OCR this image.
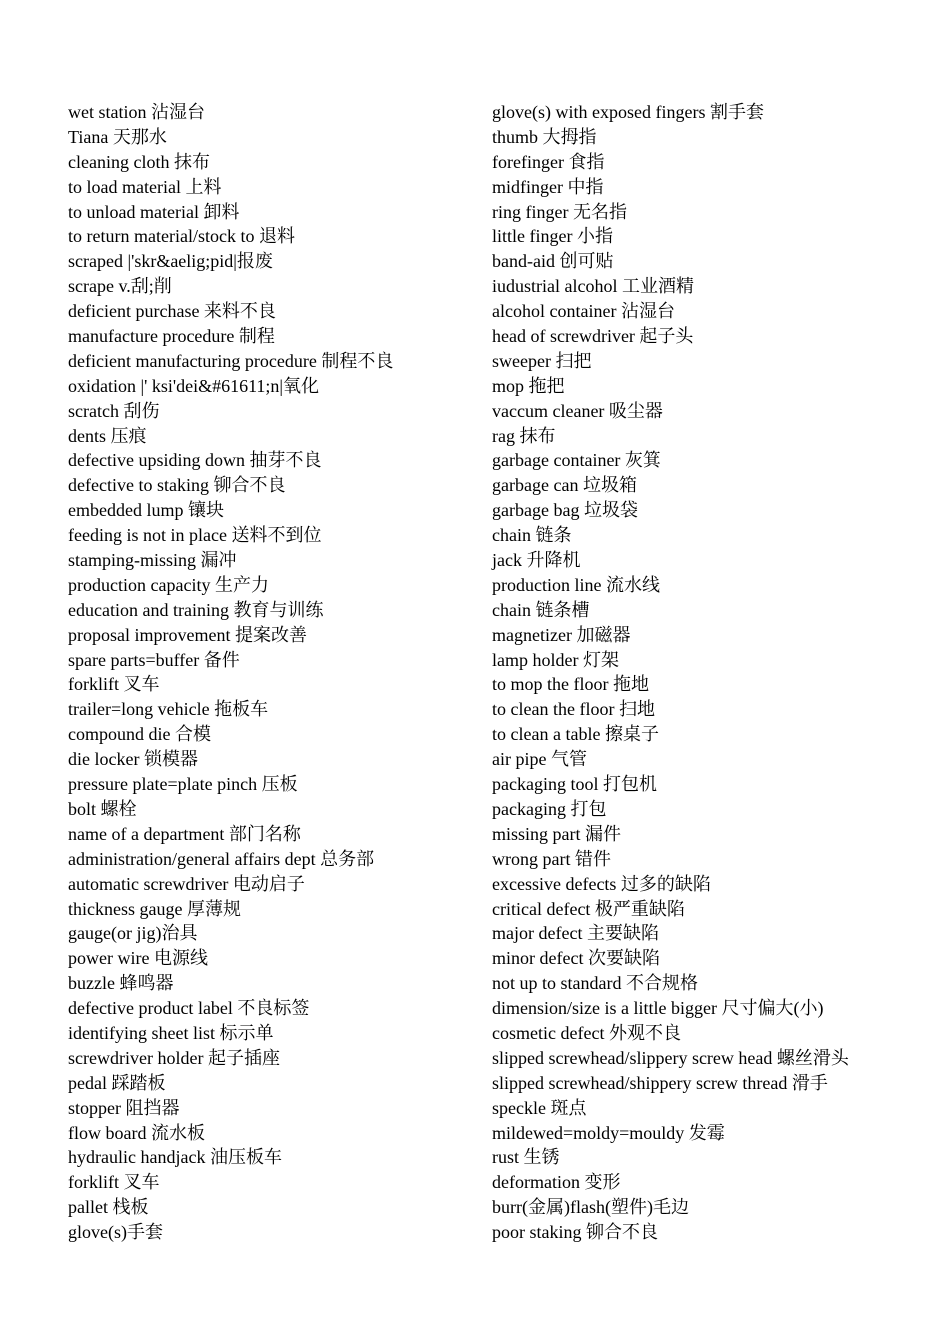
wet station 沾湿台
Tiana 天那水
cleaning cloth 抹布
to load material 上料
to unload material 卸料
to return material/stock to 退料
scraped |'skr&aelig;pid|报废
scrape v.刮;削
deficient purchase 来料不良
manufacture procedure 制程
deficient manufacturing procedure 制程不良
oxidation |' ksi'dei&#61611;n|氧化
scratch 刮伤
dents 压痕
defective upsiding down 抽芽不良
defective to staking 铆合不良
embedded lump 镶块
feeding is not in place 送料不到位
stamping-missing 漏冲
production capacity 生产力
education and training 教育与训练
proposal improvement 提案改善
spare parts=buffer 备件
forklift 叉车
trailer=long vehicle 拖板车
compound die 合模
die locker 锁模器
pressure plate=plate pinch 压板
bolt 螺栓
name of a department 部门名称
administration/general affairs dept 总务部
automatic screwdriver 电动启子
thickness gauge 厚薄规
gauge(or jig)治具
power wire 电源线
buzzle 蜂鸣器
defective product label 不良标签
identifying sheet list 标示单
screwdriver holder 起子插座
pedal 踩踏板
stopper 阻挡器
flow board 流水板
hydraulic handjack 油压板车
forklift 叉车
pallet 栈板
glove(s)手套
glove(s) with exposed fingers 割手套
thumb 大拇指
forefinger 食指
midfinger 中指
ring finger 无名指
little finger 小指
band-aid 创可贴
iudustrial alcohol 工业酒精
alcohol container 沾湿台
head of screwdriver 起子头
sweeper 扫把
mop 拖把
vaccum cleaner 吸尘器
rag 抹布
garbage container 灰箕
garbage can 垃圾箱
garbage bag 垃圾袋
chain 链条
jack 升降机
production line 流水线
chain 链条槽
magnetizer 加磁器
lamp holder 灯架
to mop the floor 拖地
to clean the floor 扫地
to clean a table 擦桌子
air pipe 气管
packaging tool 打包机
packaging 打包
missing part 漏件
wrong part 错件
excessive defects 过多的缺陷
critical defect 极严重缺陷
major defect 主要缺陷
minor defect 次要缺陷
not up to standard 不合规格
dimension/size is a little bigger 尺寸偏大(小)
cosmetic defect 外观不良
slipped screwhead/slippery screw head 螺丝滑头
slipped screwhead/shippery screw thread 滑手
speckle 斑点
mildewed=moldy=mouldy 发霉
rust 生锈
deformation 变形
burr(金属)flash(塑件)毛边
poor staking 铆合不良
